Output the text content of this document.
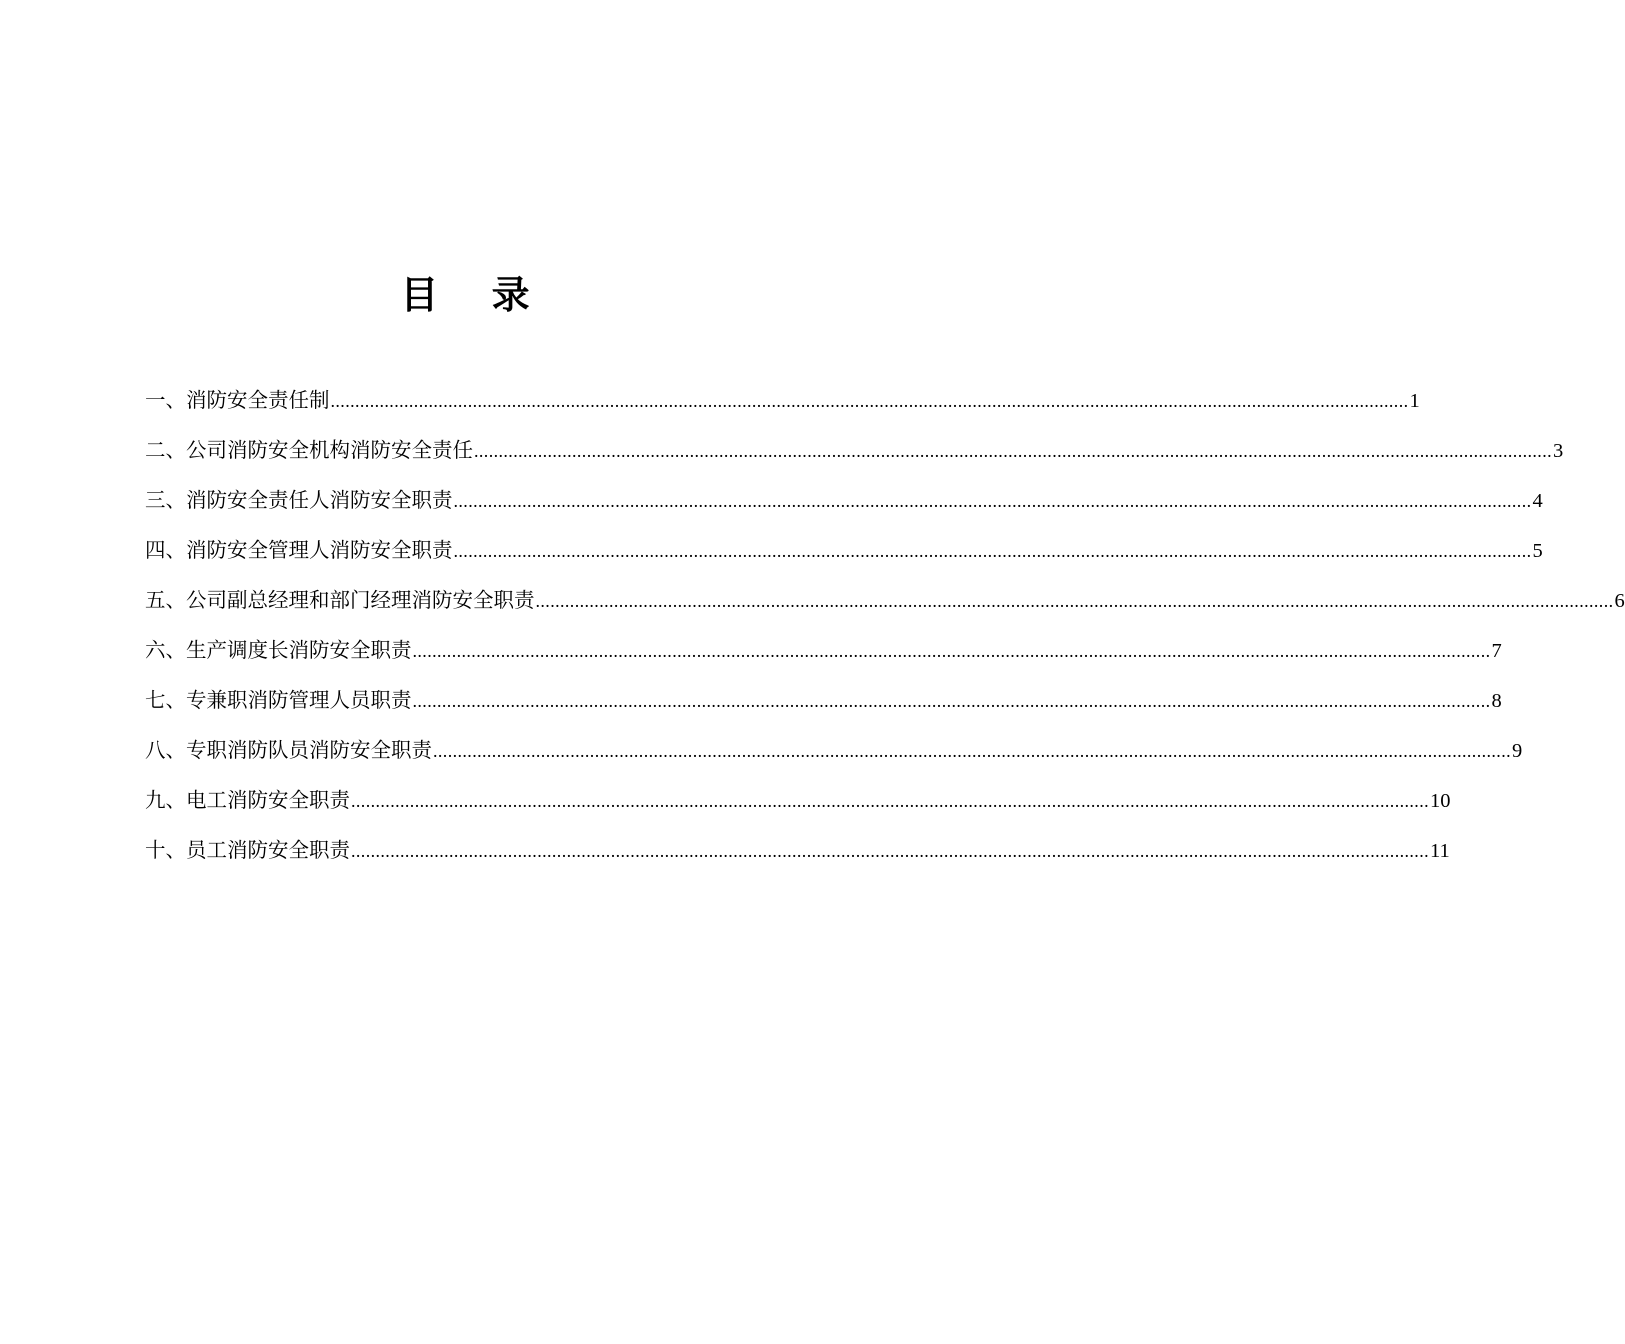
目 录
一、消防安全责任制 ............................................................................................................................................................................................................................ 1
二、公司消防安全机构消防安全责任 ............................................................................................................................................................................................................................ 3
三、消防安全责任人消防安全职责 ............................................................................................................................................................................................................................ 4
四、消防安全管理人消防安全职责 ............................................................................................................................................................................................................................ 5
五、公司副总经理和部门经理消防安全职责 ............................................................................................................................................................................................................................ 6
六、生产调度长消防安全职责 ............................................................................................................................................................................................................................ 7
七、专兼职消防管理人员职责 ............................................................................................................................................................................................................................ 8
八、专职消防队员消防安全职责 ............................................................................................................................................................................................................................ 9
九、电工消防安全职责 ............................................................................................................................................................................................................................ 10
十、员工消防安全职责 ............................................................................................................................................................................................................................ 11
